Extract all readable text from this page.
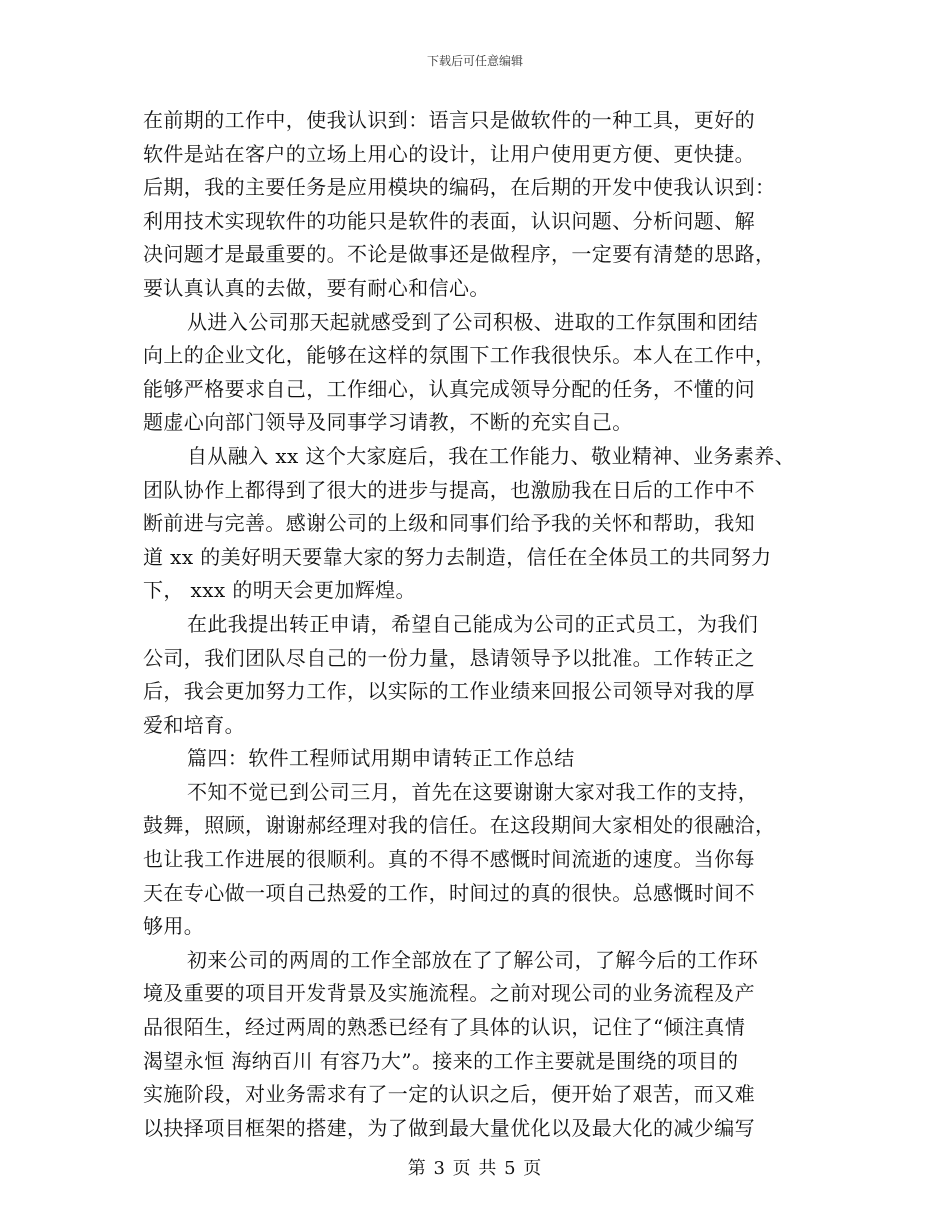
下载后可任意编辑
在前期的工作中，使我认识到：语言只是做软件的一种工具，更好的
软件是站在客户的立场上用心的设计，让用户使用更方便、更快捷。
后期，我的主要任务是应用模块的编码，在后期的开发中使我认识到：
利用技术实现软件的功能只是软件的表面，认识问题、分析问题、解
决问题才是最重要的。不论是做事还是做程序，一定要有清楚的思路，
要认真认真的去做，要有耐心和信心。
从进入公司那天起就感受到了公司积极、进取的工作氛围和团结
向上的企业文化，能够在这样的氛围下工作我很快乐。本人在工作中，
能够严格要求自己，工作细心，认真完成领导分配的任务，不懂的问
题虚心向部门领导及同事学习请教，不断的充实自己。
自从融入 xx 这个大家庭后，我在工作能力、敬业精神、业务素养、
团队协作上都得到了很大的进步与提高，也激励我在日后的工作中不
断前进与完善。感谢公司的上级和同事们给予我的关怀和帮助，我知
道 xx 的美好明天要靠大家的努力去制造，信任在全体员工的共同努力
下， xxx 的明天会更加辉煌。
在此我提出转正申请，希望自己能成为公司的正式员工，为我们
公司，我们团队尽自己的一份力量，恳请领导予以批准。工作转正之
后，我会更加努力工作，以实际的工作业绩来回报公司领导对我的厚
爱和培育。
篇四：软件工程师试用期申请转正工作总结
不知不觉已到公司三月，首先在这要谢谢大家对我工作的支持，
鼓舞，照顾，谢谢郝经理对我的信任。在这段期间大家相处的很融洽，
也让我工作进展的很顺利。真的不得不感慨时间流逝的速度。当你每
天在专心做一项自己热爱的工作，时间过的真的很快。总感慨时间不
够用。
初来公司的两周的工作全部放在了了解公司，了解今后的工作环
境及重要的项目开发背景及实施流程。之前对现公司的业务流程及产
品很陌生，经过两周的熟悉已经有了具体的认识，记住了“倾注真情
渴望永恒 海纳百川 有容乃大”。接来的工作主要就是围绕的项目的
实施阶段，对业务需求有了一定的认识之后，便开始了艰苦，而又难
以抉择项目框架的搭建，为了做到最大量优化以及最大化的减少编写
第 3 页 共 5 页
